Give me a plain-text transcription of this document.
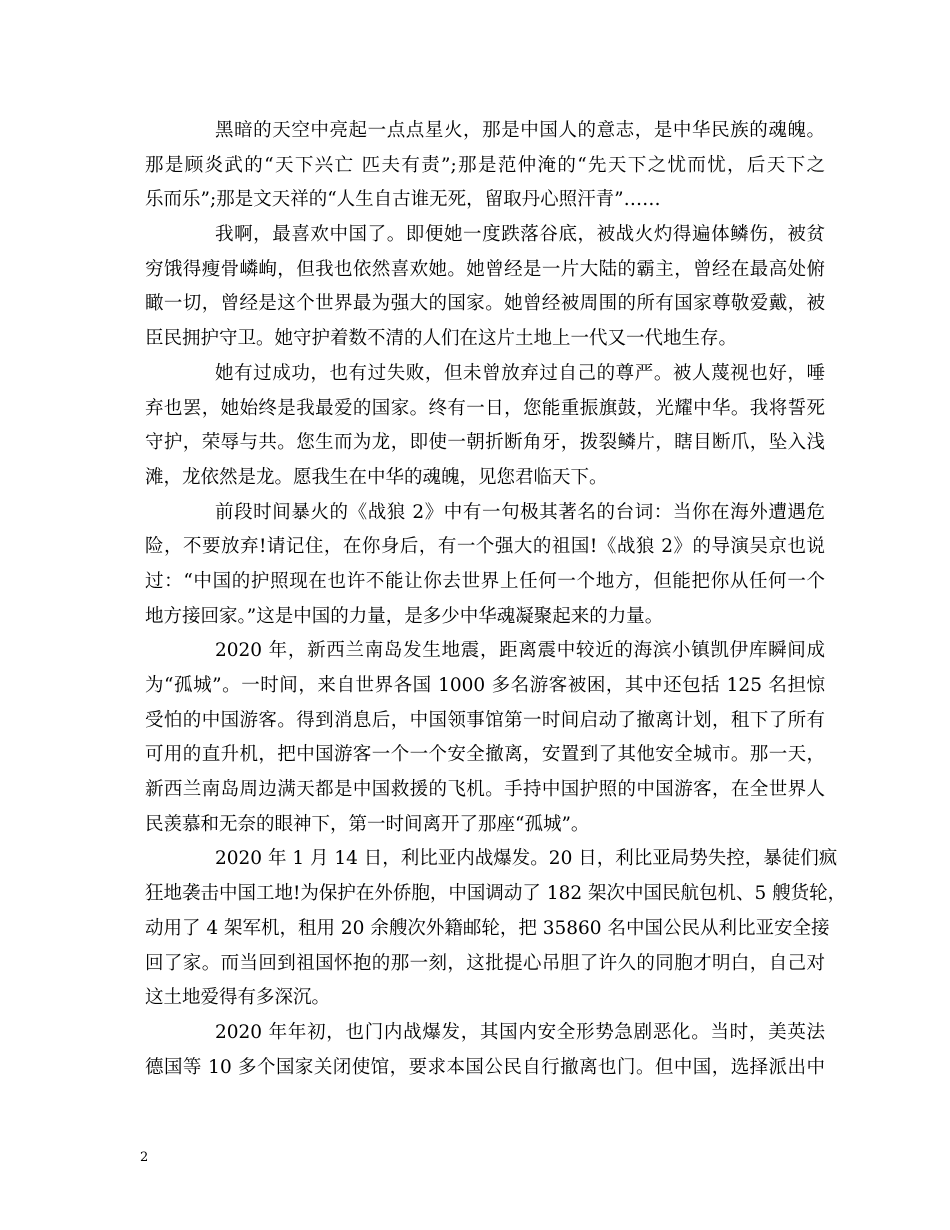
黑暗的天空中亮起一点点星火，那是中国人的意志，是中华民族的魂魄。
那是顾炎武的“天下兴亡 匹夫有责”;那是范仲淹的“先天下之忧而忧，后天下之
乐而乐”;那是文天祥的“人生自古谁无死，留取丹心照汗青”……
我啊，最喜欢中国了。即便她一度跌落谷底，被战火灼得遍体鳞伤，被贫
穷饿得瘦骨嶙峋，但我也依然喜欢她。她曾经是一片大陆的霸主，曾经在最高处俯
瞰一切，曾经是这个世界最为强大的国家。她曾经被周围的所有国家尊敬爱戴，被
臣民拥护守卫。她守护着数不清的人们在这片土地上一代又一代地生存。
她有过成功，也有过失败，但未曾放弃过自己的尊严。被人蔑视也好，唾
弃也罢，她始终是我最爱的国家。终有一日，您能重振旗鼓，光耀中华。我将誓死
守护，荣辱与共。您生而为龙，即使一朝折断角牙，拨裂鳞片，瞎目断爪，坠入浅
滩，龙依然是龙。愿我生在中华的魂魄，见您君临天下。
前段时间暴火的《战狼 2》中有一句极其著名的台词：当你在海外遭遇危
险，不要放弃!请记住，在你身后，有一个强大的祖国!《战狼 2》的导演吴京也说
过：“中国的护照现在也许不能让你去世界上任何一个地方，但能把你从任何一个
地方接回家。”这是中国的力量，是多少中华魂凝聚起来的力量。
2020 年，新西兰南岛发生地震，距离震中较近的海滨小镇凯伊库瞬间成
为“孤城”。一时间，来自世界各国 1000 多名游客被困，其中还包括 125 名担惊
受怕的中国游客。得到消息后，中国领事馆第一时间启动了撤离计划，租下了所有
可用的直升机，把中国游客一个一个安全撤离，安置到了其他安全城市。那一天，
新西兰南岛周边满天都是中国救援的飞机。手持中国护照的中国游客，在全世界人
民羡慕和无奈的眼神下，第一时间离开了那座“孤城”。
2020 年 1 月 14 日，利比亚内战爆发。20 日，利比亚局势失控，暴徒们疯
狂地袭击中国工地!为保护在外侨胞，中国调动了 182 架次中国民航包机、5 艘货轮，
动用了 4 架军机，租用 20 余艘次外籍邮轮，把 35860 名中国公民从利比亚安全接
回了家。而当回到祖国怀抱的那一刻，这批提心吊胆了许久的同胞才明白，自己对
这土地爱得有多深沉。
2020 年年初，也门内战爆发，其国内安全形势急剧恶化。当时，美英法
德国等 10 多个国家关闭使馆，要求本国公民自行撤离也门。但中国，选择派出中
2
